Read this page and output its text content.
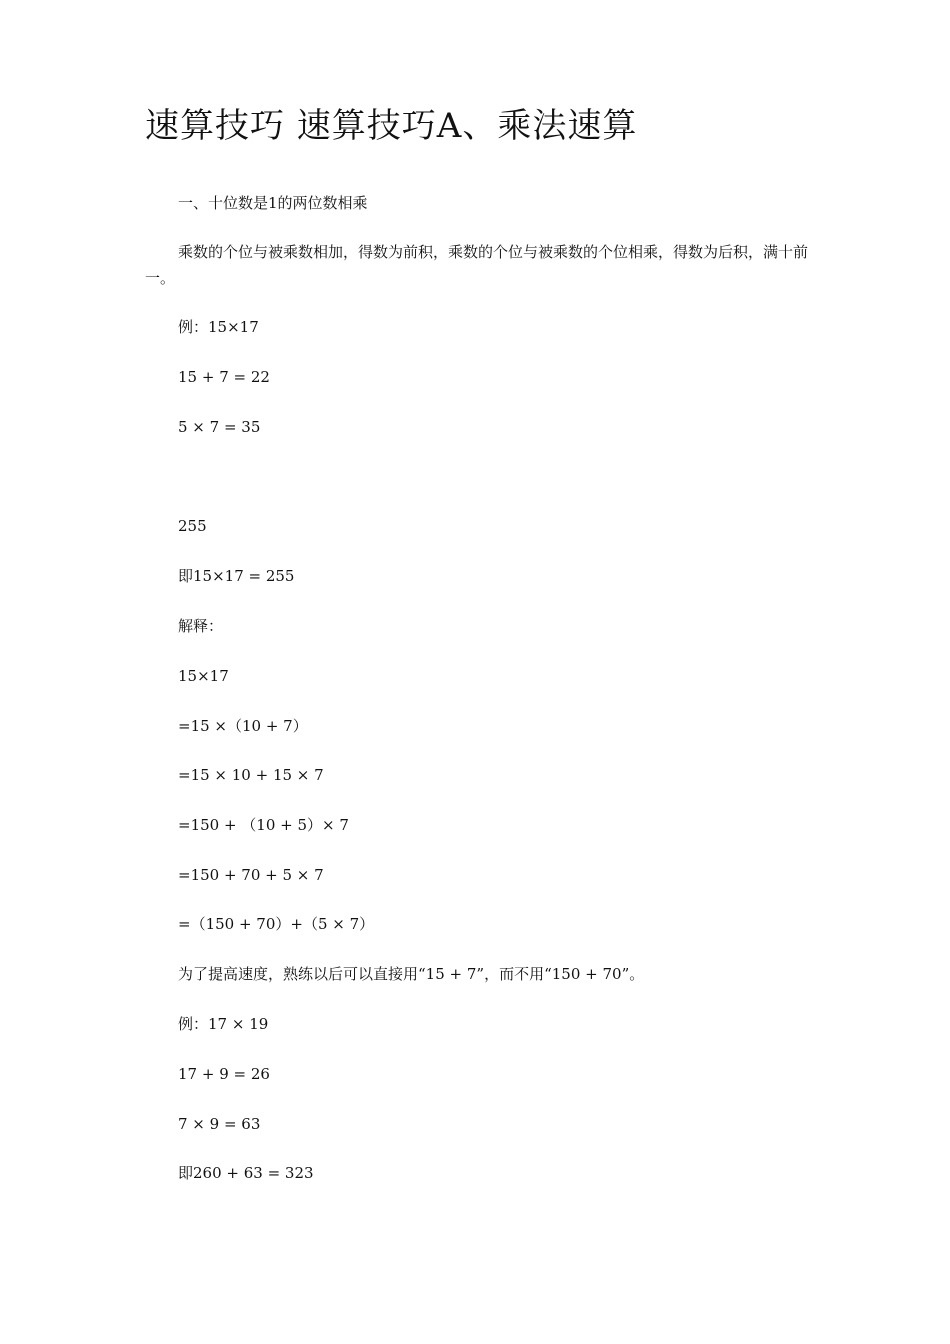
速算技巧 速算技巧A、乘法速算
一、十位数是1的两位数相乘
乘数的个位与被乘数相加，得数为前积，乘数的个位与被乘数的个位相乘，得数为后积，满十前一。
例：15×17
15 + 7 = 22
5 × 7 = 35
255
即15×17 = 255
解释：
15×17
=15 ×（10 + 7）
=15 × 10 + 15 × 7
=150 + （10 + 5）× 7
=150 + 70 + 5 × 7
=（150 + 70）+（5 × 7）
为了提高速度，熟练以后可以直接用“15 + 7”，而不用“150 + 70”。
例：17 × 19
17 + 9 = 26
7 × 9 = 63
即260 + 63 = 323
